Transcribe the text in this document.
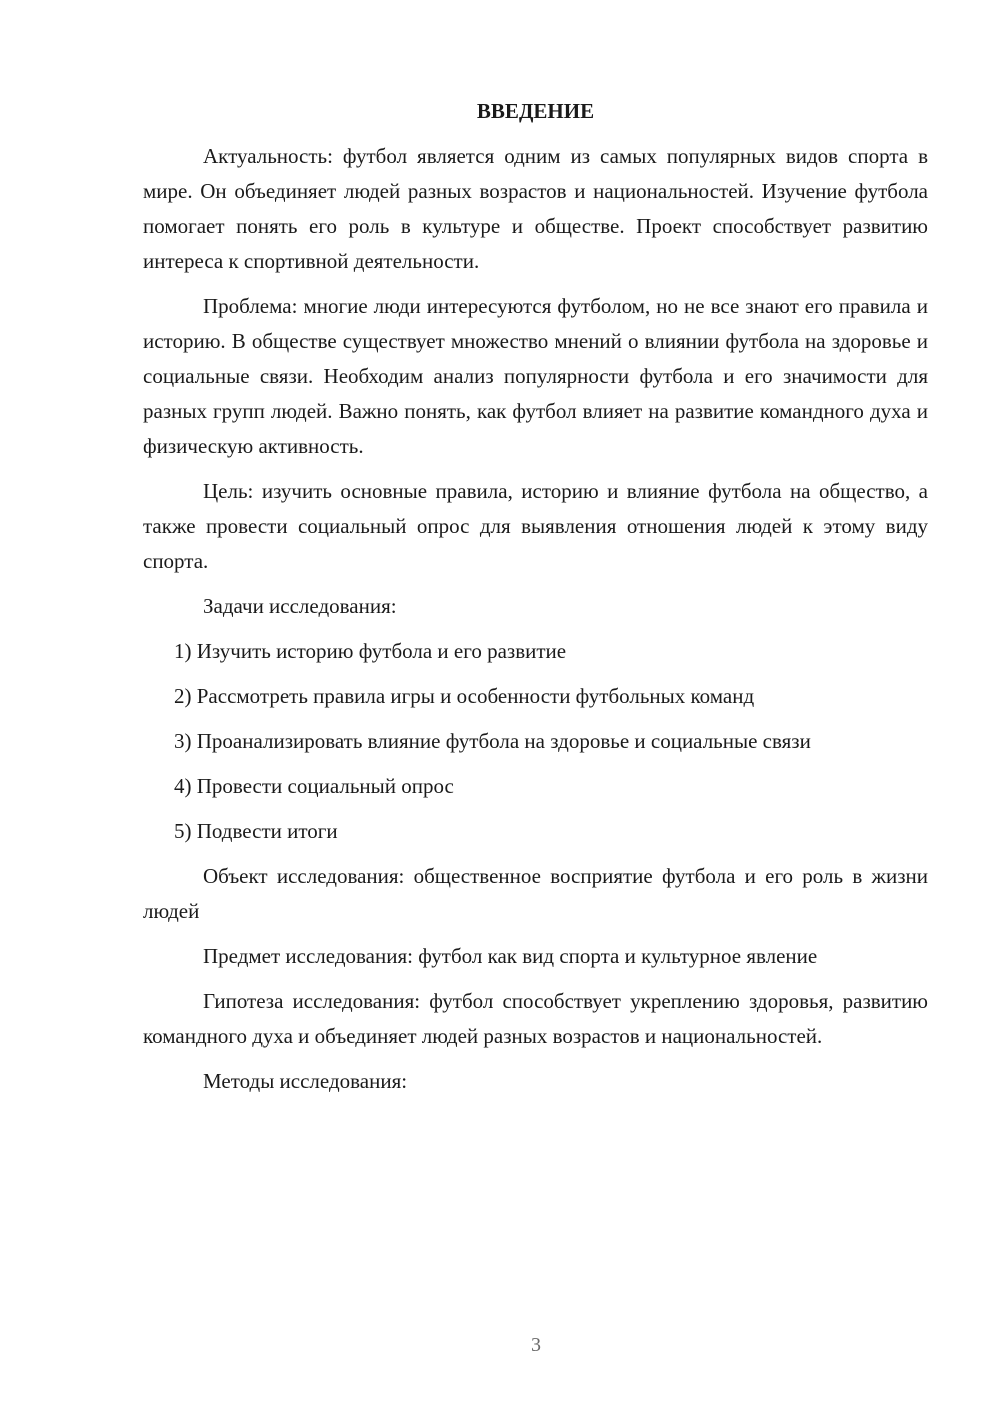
ВВЕДЕНИЕ

Актуальность: футбол является одним из самых популярных видов спорта в мире. Он объединяет людей разных возрастов и национальностей. Изучение футбола помогает понять его роль в культуре и обществе. Проект способствует развитию интереса к спортивной деятельности.

Проблема: многие люди интересуются футболом, но не все знают его правила и историю. В обществе существует множество мнений о влиянии футбола на здоровье и социальные связи. Необходим анализ популярности футбола и его значимости для разных групп людей. Важно понять, как футбол влияет на развитие командного духа и физическую активность.

Цель: изучить основные правила, историю и влияние футбола на общество, а также провести социальный опрос для выявления отношения людей к этому виду спорта.

Задачи исследования:

1) Изучить историю футбола и его развитие

2) Рассмотреть правила игры и особенности футбольных команд

3) Проанализировать влияние футбола на здоровье и социальные связи

4) Провести социальный опрос

5) Подвести итоги

Объект исследования: общественное восприятие футбола и его роль в жизни людей

Предмет исследования: футбол как вид спорта и культурное явление

Гипотеза исследования: футбол способствует укреплению здоровья, развитию командного духа и объединяет людей разных возрастов и национальностей.

Методы исследования:

3
